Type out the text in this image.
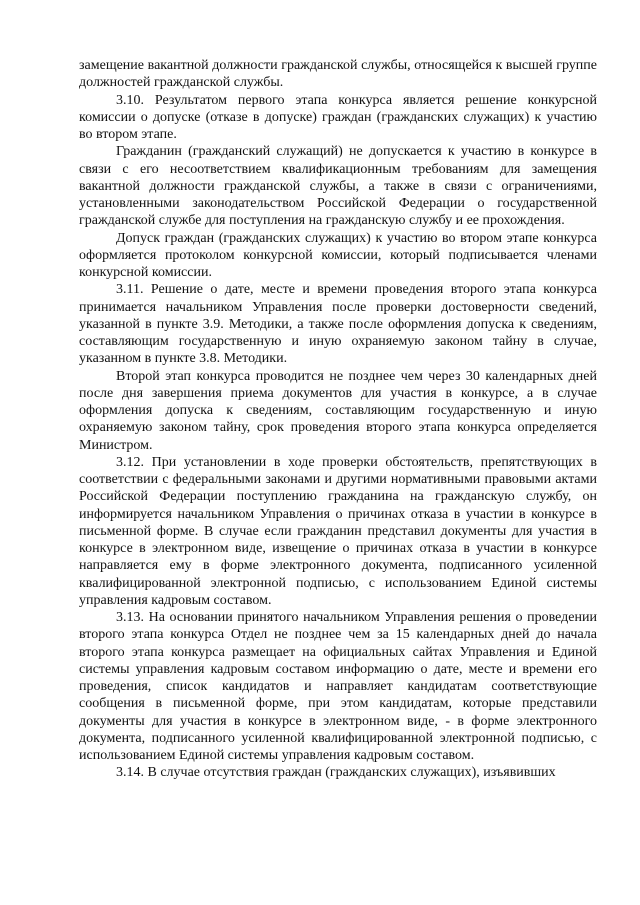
замещение вакантной должности гражданской службы, относящейся к высшей группе должностей гражданской службы.

3.10. Результатом первого этапа конкурса является решение конкурсной комиссии о допуске (отказе в допуске) граждан (гражданских служащих) к участию во втором этапе.

Гражданин (гражданский служащий) не допускается к участию в конкурсе в связи с его несоответствием квалификационным требованиям для замещения вакантной должности гражданской службы, а также в связи с ограничениями, установленными законодательством Российской Федерации о государственной гражданской службе для поступления на гражданскую службу и ее прохождения.

Допуск граждан (гражданских служащих) к участию во втором этапе конкурса оформляется протоколом конкурсной комиссии, который подписывается членами конкурсной комиссии.

3.11. Решение о дате, месте и времени проведения второго этапа конкурса принимается начальником Управления после проверки достоверности сведений, указанной в пункте 3.9. Методики, а также после оформления допуска к сведениям, составляющим государственную и иную охраняемую законом тайну в случае, указанном в пункте 3.8. Методики.

Второй этап конкурса проводится не позднее чем через 30 календарных дней после дня завершения приема документов для участия в конкурсе, а в случае оформления допуска к сведениям, составляющим государственную и иную охраняемую законом тайну, срок проведения второго этапа конкурса определяется Министром.

3.12. При установлении в ходе проверки обстоятельств, препятствующих в соответствии с федеральными законами и другими нормативными правовыми актами Российской Федерации поступлению гражданина на гражданскую службу, он информируется начальником Управления о причинах отказа в участии в конкурсе в письменной форме. В случае если гражданин представил документы для участия в конкурсе в электронном виде, извещение о причинах отказа в участии в конкурсе направляется ему в форме электронного документа, подписанного усиленной квалифицированной электронной подписью, с использованием Единой системы управления кадровым составом.

3.13. На основании принятого начальником Управления решения о проведении второго этапа конкурса Отдел не позднее чем за 15 календарных дней до начала второго этапа конкурса размещает на официальных сайтах Управления и Единой системы управления кадровым составом информацию о дате, месте и времени его проведения, список кандидатов и направляет кандидатам соответствующие сообщения в письменной форме, при этом кандидатам, которые представили документы для участия в конкурсе в электронном виде, - в форме электронного документа, подписанного усиленной квалифицированной электронной подписью, с использованием Единой системы управления кадровым составом.

3.14. В случае отсутствия граждан (гражданских служащих), изъявивших
